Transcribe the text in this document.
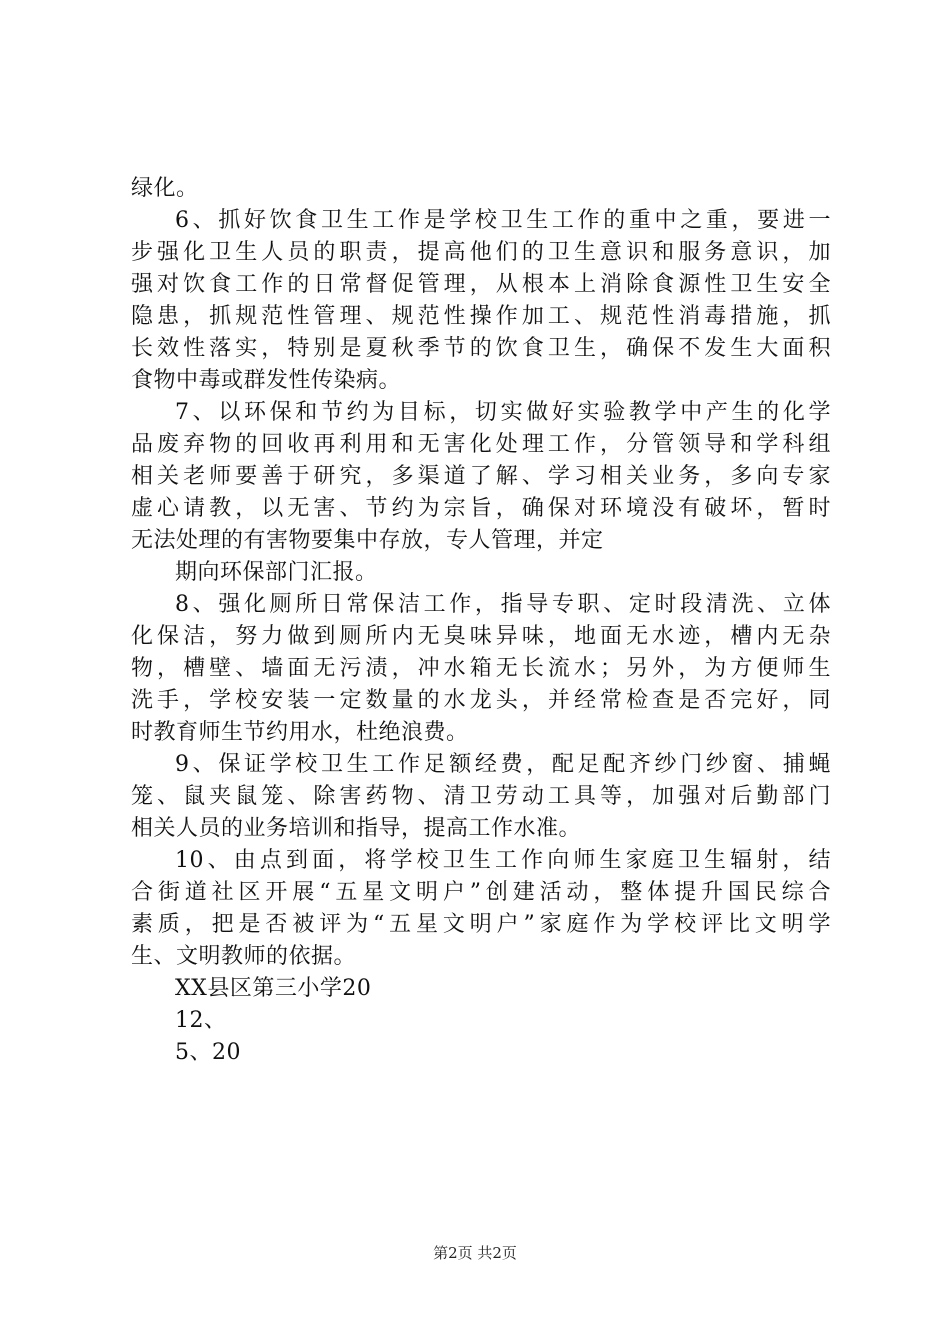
绿化。
6、抓好饮食卫生工作是学校卫生工作的重中之重，要进一
步强化卫生人员的职责，提高他们的卫生意识和服务意识，加
强对饮食工作的日常督促管理，从根本上消除食源性卫生安全
隐患，抓规范性管理、规范性操作加工、规范性消毒措施，抓
长效性落实，特别是夏秋季节的饮食卫生，确保不发生大面积
食物中毒或群发性传染病。
7、以环保和节约为目标，切实做好实验教学中产生的化学
品废弃物的回收再利用和无害化处理工作，分管领导和学科组
相关老师要善于研究，多渠道了解、学习相关业务，多向专家
虚心请教，以无害、节约为宗旨，确保对环境没有破坏，暂时
无法处理的有害物要集中存放，专人管理，并定
期向环保部门汇报。
8、强化厕所日常保洁工作，指导专职、定时段清洗、立体
化保洁，努力做到厕所内无臭味异味，地面无水迹，槽内无杂
物，槽壁、墙面无污渍，冲水箱无长流水；另外，为方便师生
洗手，学校安装一定数量的水龙头，并经常检查是否完好，同
时教育师生节约用水，杜绝浪费。
9、保证学校卫生工作足额经费，配足配齐纱门纱窗、捕蝇
笼、鼠夹鼠笼、除害药物、清卫劳动工具等，加强对后勤部门
相关人员的业务培训和指导，提高工作水准。
10、由点到面，将学校卫生工作向师生家庭卫生辐射，结
合街道社区开展“五星文明户”创建活动，整体提升国民综合
素质，把是否被评为“五星文明户”家庭作为学校评比文明学
生、文明教师的依据。
XX县区第三小学20
12、
5、20
第2页 共2页
